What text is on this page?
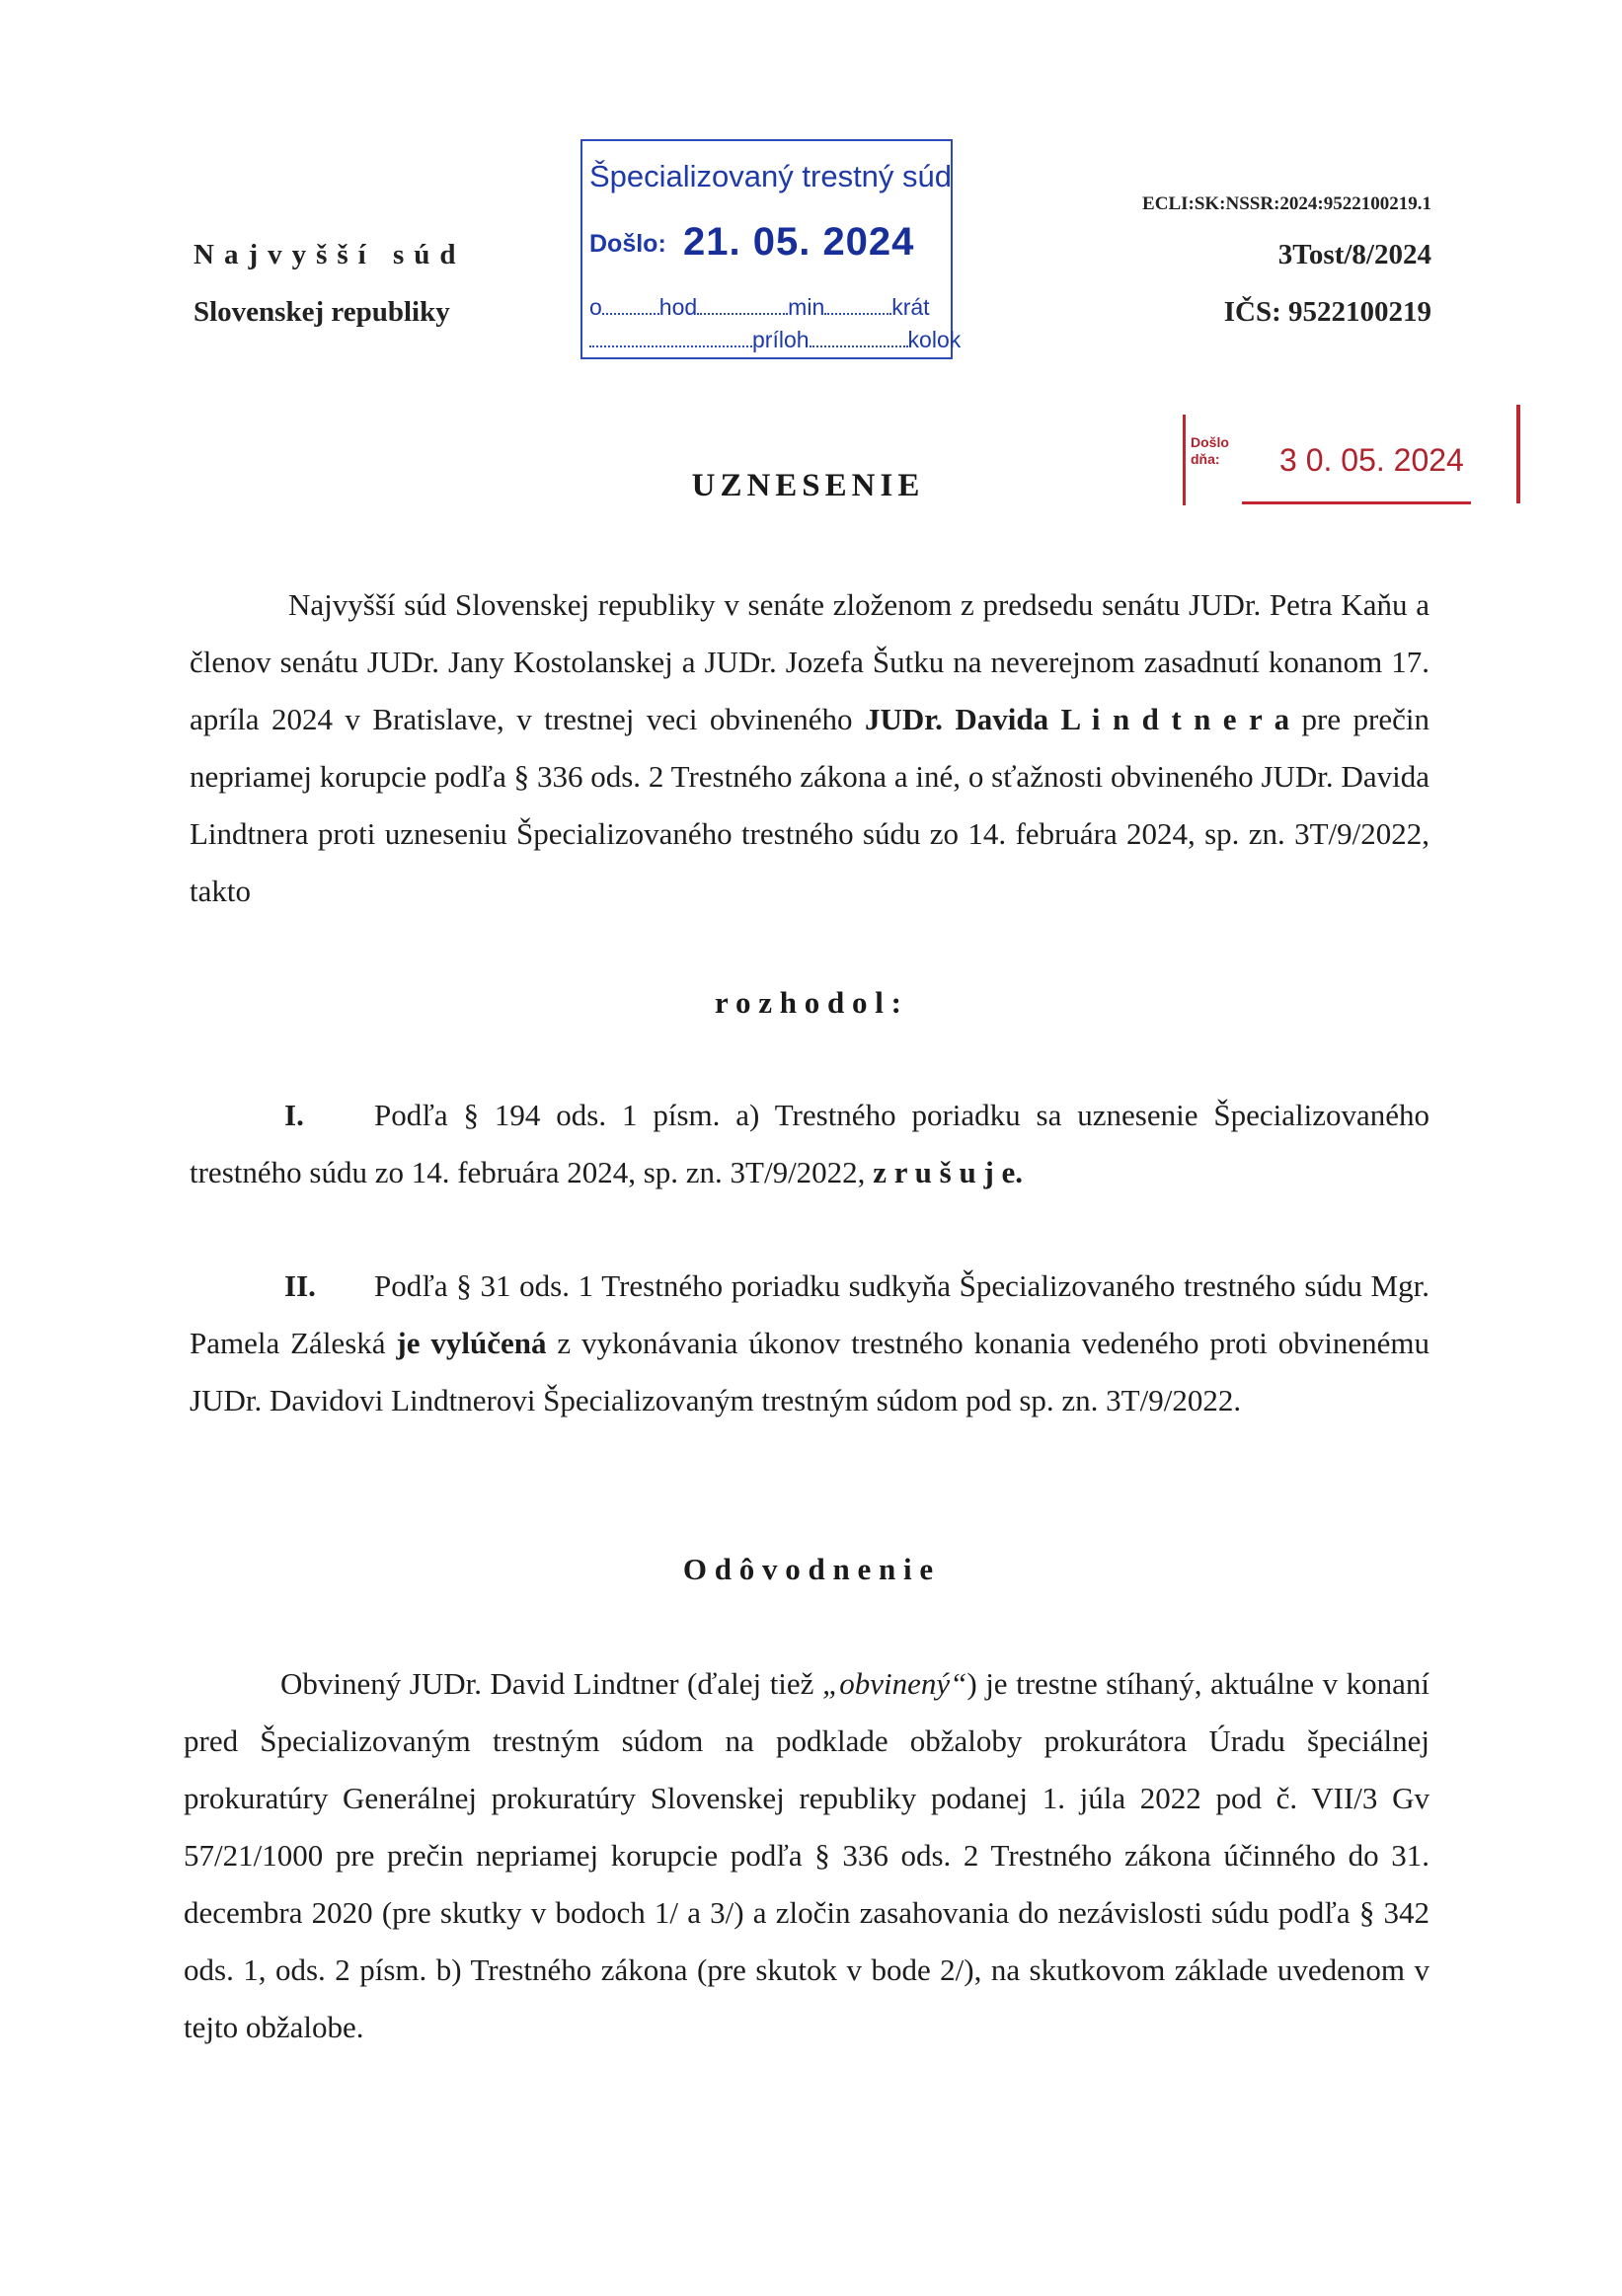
Najvyšší súd
Slovenskej republiky
ECLI:SK:NSSR:2024:9522100219.1
3Tost/8/2024
IČS: 9522100219
Špecializovaný trestný súd
Došlo: 21. 05. 2024
o	hod	min	krát
príloh	kolok
Došlo
dňa: 3 0. 05. 2024
UZNESENIE

Najvyšší súd Slovenskej republiky v senáte zloženom z predsedu senátu JUDr. Petra Kaňu a členov senátu JUDr. Jany Kostolanskej a JUDr. Jozefa Šutku na neverejnom zasadnutí konanom 17. apríla 2024 v Bratislave, v trestnej veci obvineného JUDr. Davida L i n d t n e r a pre prečin nepriamej korupcie podľa § 336 ods. 2 Trestného zákona a iné, o sťažnosti obvineného JUDr. Davida Lindtnera proti uzneseniu Špecializovaného trestného súdu zo 14. februára 2024, sp. zn. 3T/9/2022, takto

r o z h o d o l :

I. Podľa § 194 ods. 1 písm. a) Trestného poriadku sa uznesenie Špecializovaného trestného súdu zo 14. februára 2024, sp. zn. 3T/9/2022, z r u š u j e.

II. Podľa § 31 ods. 1 Trestného poriadku sudkyňa Špecializovaného trestného súdu Mgr. Pamela Záleská je vylúčená z vykonávania úkonov trestného konania vedeného proti obvinenému JUDr. Davidovi Lindtnerovi Špecializovaným trestným súdom pod sp. zn. 3T/9/2022.

O d ô v o d n e n i e

Obvinený JUDr. David Lindtner (ďalej tiež „obvinený“) je trestne stíhaný, aktuálne v konaní pred Špecializovaným trestným súdom na podklade obžaloby prokurátora Úradu špeciálnej prokuratúry Generálnej prokuratúry Slovenskej republiky podanej 1. júla 2022 pod č. VII/3 Gv 57/21/1000 pre prečin nepriamej korupcie podľa § 336 ods. 2 Trestného zákona účinného do 31. decembra 2020 (pre skutky v bodoch 1/ a 3/) a zločin zasahovania do nezávislosti súdu podľa § 342 ods. 1, ods. 2 písm. b) Trestného zákona (pre skutok v bode 2/), na skutkovom základe uvedenom v tejto obžalobe.
